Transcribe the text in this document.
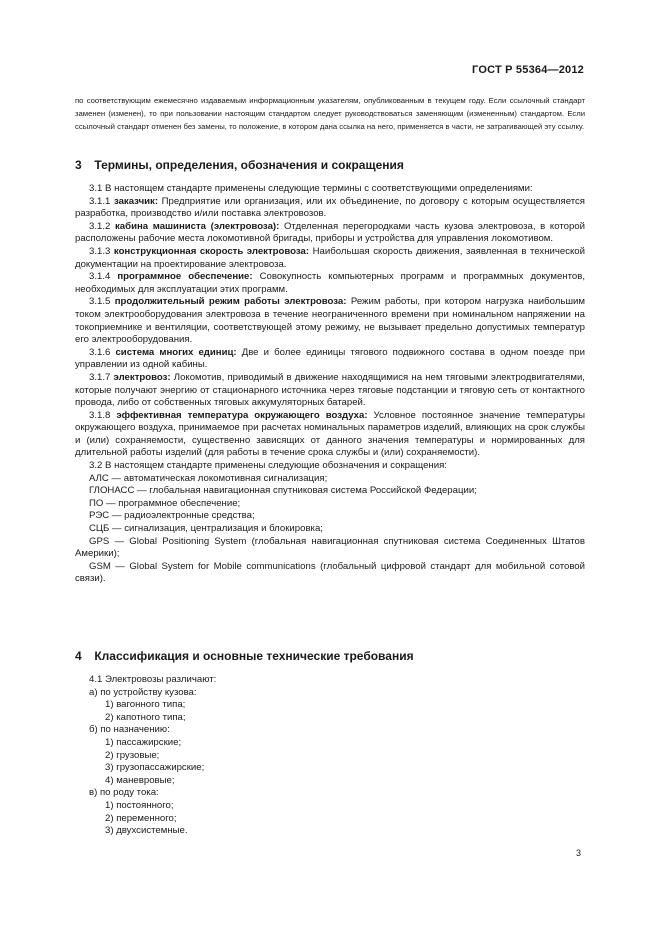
ГОСТ Р 55364—2012

по соответствующим ежемесячно издаваемым информационным указателям, опубликованным в текущем году. Если ссылочный стандарт заменен (изменен), то при пользовании настоящим стандартом следует руководствоваться заменяющим (измененным) стандартом. Если ссылочный стандарт отменен без замены, то положение, в котором дана ссылка на него, применяется в части, не затрагивающей эту ссылку.

3 Термины, определения, обозначения и сокращения

3.1 В настоящем стандарте применены следующие термины с соответствующими определениями:

3.1.1 заказчик: Предприятие или организация, или их объединение, по договору с которым осуществляется разработка, производство и/или поставка электровозов.

3.1.2 кабина машиниста (электровоза): Отделенная перегородками часть кузова электровоза, в которой расположены рабочие места локомотивной бригады, приборы и устройства для управления локомотивом.

3.1.3 конструкционная скорость электровоза: Наибольшая скорость движения, заявленная в технической документации на проектирование электровоза.

3.1.4 программное обеспечение: Совокупность компьютерных программ и программных документов, необходимых для эксплуатации этих программ.

3.1.5 продолжительный режим работы электровоза: Режим работы, при котором нагрузка наибольшим током электрооборудования электровоза в течение неограниченного времени при номинальном напряжении на токоприемнике и вентиляции, соответствующей этому режиму, не вызывает предельно допустимых температур его электрооборудования.

3.1.6 система многих единиц: Две и более единицы тягового подвижного состава в одном поезде при управлении из одной кабины.

3.1.7 электровоз: Локомотив, приводимый в движение находящимися на нем тяговыми электродвигателями, которые получают энергию от стационарного источника через тяговые подстанции и тяговую сеть от контактного провода, либо от собственных тяговых аккумуляторных батарей.

3.1.8 эффективная температура окружающего воздуха: Условное постоянное значение температуры окружающего воздуха, принимаемое при расчетах номинальных параметров изделий, влияющих на срок службы и (или) сохраняемости, существенно зависящих от данного значения температуры и нормированных для длительной работы изделий (для работы в течение срока службы и (или) сохраняемости).

3.2 В настоящем стандарте применены следующие обозначения и сокращения:

АЛС — автоматическая локомотивная сигнализация;

ГЛОНАСС — глобальная навигационная спутниковая система Российской Федерации;

ПО — программное обеспечение;

РЭС — радиоэлектронные средства;

СЦБ — сигнализация, централизация и блокировка;

GPS — Global Positioning System (глобальная навигационная спутниковая система Соединенных Штатов Америки);

GSM — Global System for Mobile communications (глобальный цифровой стандарт для мобильной сотовой связи).

4 Классификация и основные технические требования

4.1 Электровозы различают:

а) по устройству кузова:

1) вагонного типа;

2) капотного типа;

б) по назначению:

1) пассажирские;

2) грузовые;

3) грузопассажирские;

4) маневровые;

в) по роду тока:

1) постоянного;

2) переменного;

3) двухсистемные.

3
